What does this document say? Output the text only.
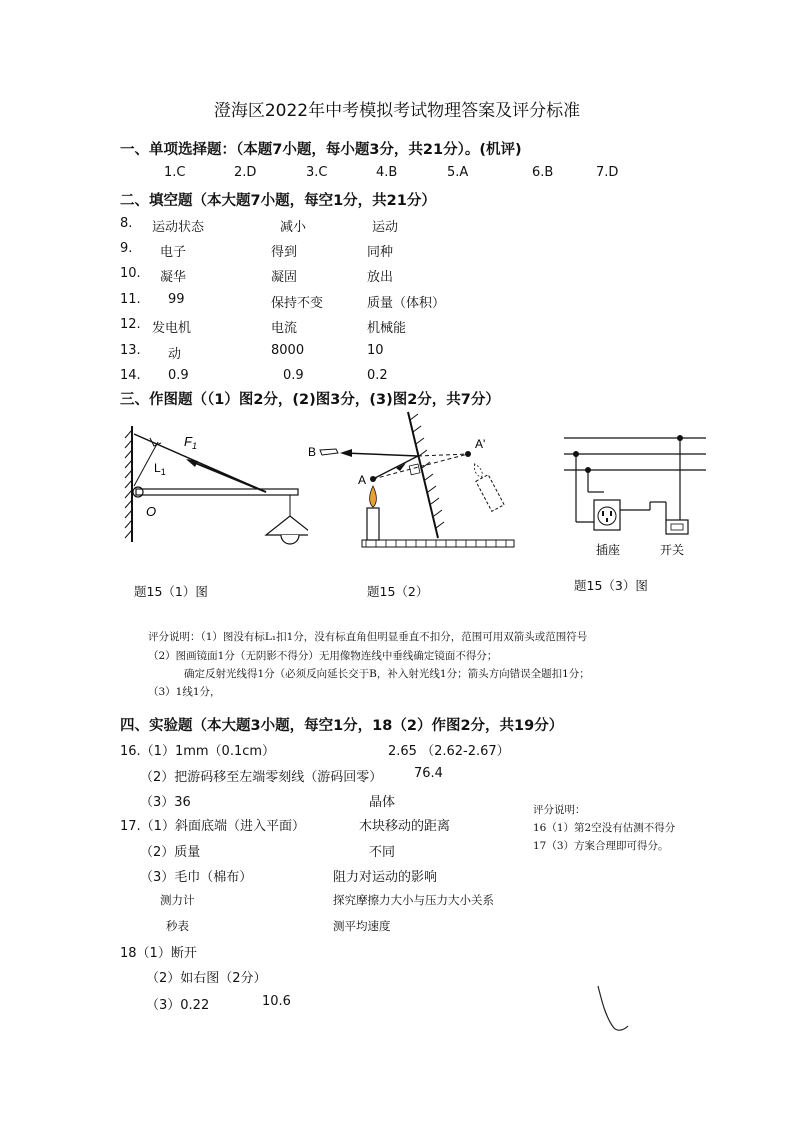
澄海区2022年中考模拟考试物理答案及评分标准
一、单项选择题：（本题7小题，每小题3分，共21分）。(机评)
1.C	2.D	3.C	4.B	5.A	6.B	7.D
二、填空题（本大题7小题，每空1分，共21分）
8. 运动状态	减小	运动
9. 电子	得到	同种
10. 凝华	凝固	放出
11. 99	保持不变	质量（体积）
12. 发电机	电流	机械能
13. 动	8000	10
14. 0.9	0.9	0.2
三、作图题（（1）图2分，(2)图3分，(3)图2分，共7分）
$F_1$
$L_1$
O
B
A
A'
插座	开关
题15（1）图	题15（2）	题15（3）图
评分说明：（1）图没有标L₁扣1分，没有标直角但明显垂直不扣分，范围可用双箭头或范围符号
（2）图画镜面1分（无阴影不得分）无用像物连线中垂线确定镜面不得分；
确定反射光线得1分（必须反向延长交于B，补入射光线1分；箭头方向错误全题扣1分；
（3）1线1分，
四、实验题（本大题3小题，每空1分，18（2）作图2分，共19分）
16.（1）1mm（0.1cm）	2.65 （2.62-2.67）
（2）把游码移至左端零刻线（游码回零） 76.4
（3）36	晶体
17.（1）斜面底端（进入平面）	木块移动的距离
（2）质量	不同
（3）毛巾（棉布）	阻力对运动的影响
测力计	探究摩擦力大小与压力大小关系
秒表	测平均速度
18（1）断开
（2）如右图（2分）
（3）0.22	10.6
评分说明：
16（1）第2空没有估测不得分
17（3）方案合理即可得分。
